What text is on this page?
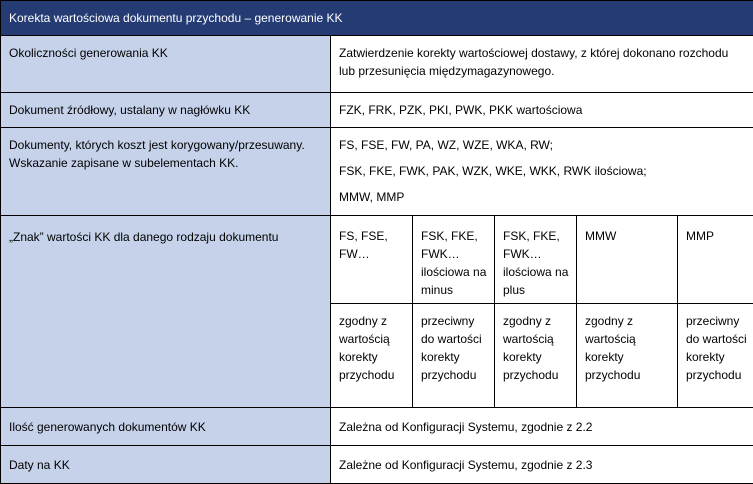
Korekta wartościowa dokumentu przychodu – generowanie KK					
Okoliczności generowania KK	Zatwierdzenie korekty wartościowej dostawy, z której dokonano rozchodu lub przesunięcia międzymagazynowego.				
Dokument źródłowy, ustalany w nagłówku KK	FZK, FRK, PZK, PKI, PWK, PKK wartościowa				
Dokumenty, których koszt jest korygowany/przesuwany. Wskazanie zapisane w subelementach KK.	FS, FSE, FW, PA, WZ, WZE, WKA, RW;

FSK, FKE, FWK, PAK, WZK, WKE, WKK, RWK ilościowa;

MMW, MMP				

„Znak” wartości KK dla danego rodzaju dokumentu	FS, FSE, FW…	FSK, FKE, FWK… ilościowa na minus	FSK, FKE, FWK… ilościowa na plus	MMW	MMP
	zgodny z wartością korekty przychodu	przeciwny do wartości korekty przychodu	zgodny z wartością korekty przychodu	zgodny z wartością korekty przychodu	przeciwny do wartości korekty przychodu
Ilość generowanych dokumentów KK	Zależna od Konfiguracji Systemu, zgodnie z 2.2				
Daty na KK	Zależne od Konfiguracji Systemu, zgodnie z 2.3				
